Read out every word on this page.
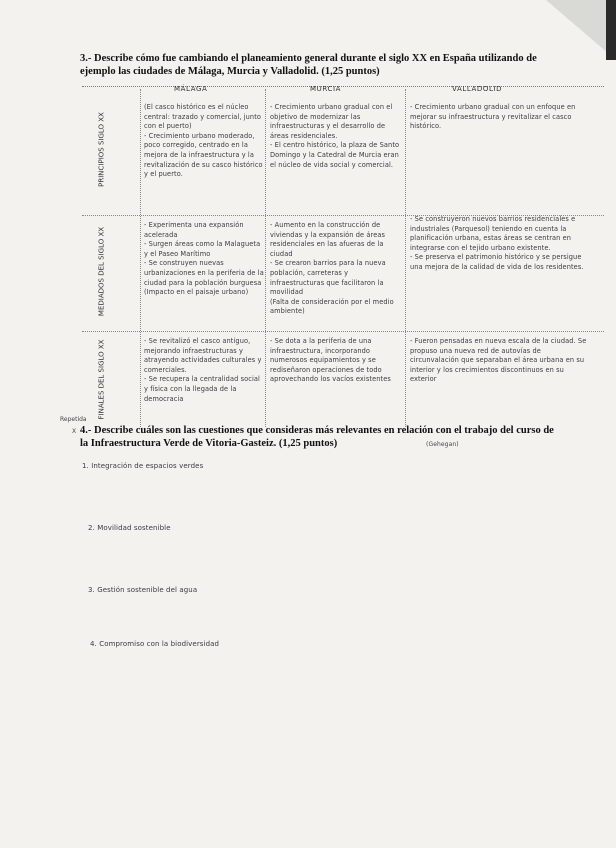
3.- Describe cómo fue cambiando el planeamiento general durante el siglo XX en España utilizando de ejemplo las ciudades de Málaga, Murcia y Valladolid. (1,25 puntos)
MÁLAGA	MURCIA	VALLADOLID
PRINCIPIOS SIGLO XX
MEDIADOS DEL SIGLO XX
FINALES DEL SIGLO XX
(El casco histórico es el núcleo central: trazado y comercial, junto con el puerto)
- Crecimiento urbano moderado, poco corregido, centrado en la mejora de la infraestructura y la revitalización de su casco histórico y el puerto.
- Crecimiento urbano gradual con el objetivo de modernizar las infraestructuras y el desarrollo de áreas residenciales.
- El centro histórico, la plaza de Santo Domingo y la Catedral de Murcia eran el núcleo de vida social y comercial.
- Crecimiento urbano gradual con un enfoque en mejorar su infraestructura y revitalizar el casco histórico.
- Experimenta una expansión acelerada
- Surgen áreas como la Malagueta y el Paseo Marítimo
- Se construyen nuevas urbanizaciones en la periferia de la ciudad para la población burguesa
(Impacto en el paisaje urbano)
- Aumento en la construcción de viviendas y la expansión de áreas residenciales en las afueras de la ciudad
- Se crearon barrios para la nueva población, carreteras y infraestructuras que facilitaron la movilidad
(Falta de consideración por el medio ambiente)
- Se construyeron nuevos barrios residenciales e industriales (Parquesol) teniendo en cuenta la planificación urbana, estas áreas se centran en integrarse con el tejido urbano existente.
- Se preserva el patrimonio histórico y se persigue una mejora de la calidad de vida de los residentes.
- Se revitalizó el casco antiguo, mejorando infraestructuras y atrayendo actividades culturales y comerciales.
- Se recupera la centralidad social y física con la llegada de la democracia
- Se dota a la periferia de una infraestructura, incorporando numerosos equipamientos y se rediseñaron operaciones de todo aprovechando los vacíos existentes
- Fueron pensadas en nueva escala de la ciudad. Se propuso una nueva red de autovías de circunvalación que separaban el área urbana en su interior y los crecimientos discontinuos en su exterior
Repetida
X
(Gehegan)
4.- Describe cuáles son las cuestiones que consideras más relevantes en relación con el trabajo del curso de la Infraestructura Verde de Vitoria-Gasteiz. (1,25 puntos)
1. Integración de espacios verdes
2. Movilidad sostenible
3. Gestión sostenible del agua
4. Compromiso con la biodiversidad
